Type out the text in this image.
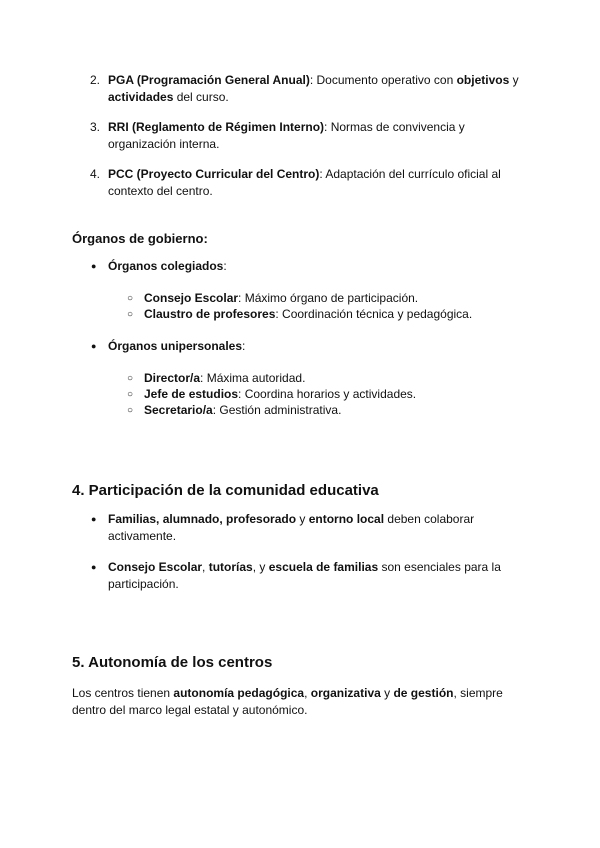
2. PGA (Programación General Anual): Documento operativo con objetivos y
actividades del curso.
3. RRI (Reglamento de Régimen Interno): Normas de convivencia y organización interna.
4. PCC (Proyecto Curricular del Centro): Adaptación del currículo oficial al contexto del centro.
Órganos de gobierno:
● Órganos colegiados:
○ Consejo Escolar: Máximo órgano de participación.
○ Claustro de profesores: Coordinación técnica y pedagógica.
● Órganos unipersonales:
○ Director/a: Máxima autoridad.
○ Jefe de estudios: Coordina horarios y actividades.
○ Secretario/a: Gestión administrativa.
4. Participación de la comunidad educativa
● Familias, alumnado, profesorado y entorno local deben colaborar activamente.
● Consejo Escolar, tutorías, y escuela de familias son esenciales para la participación.
5. Autonomía de los centros
Los centros tienen autonomía pedagógica, organizativa y de gestión, siempre dentro del marco legal estatal y autonómico.
